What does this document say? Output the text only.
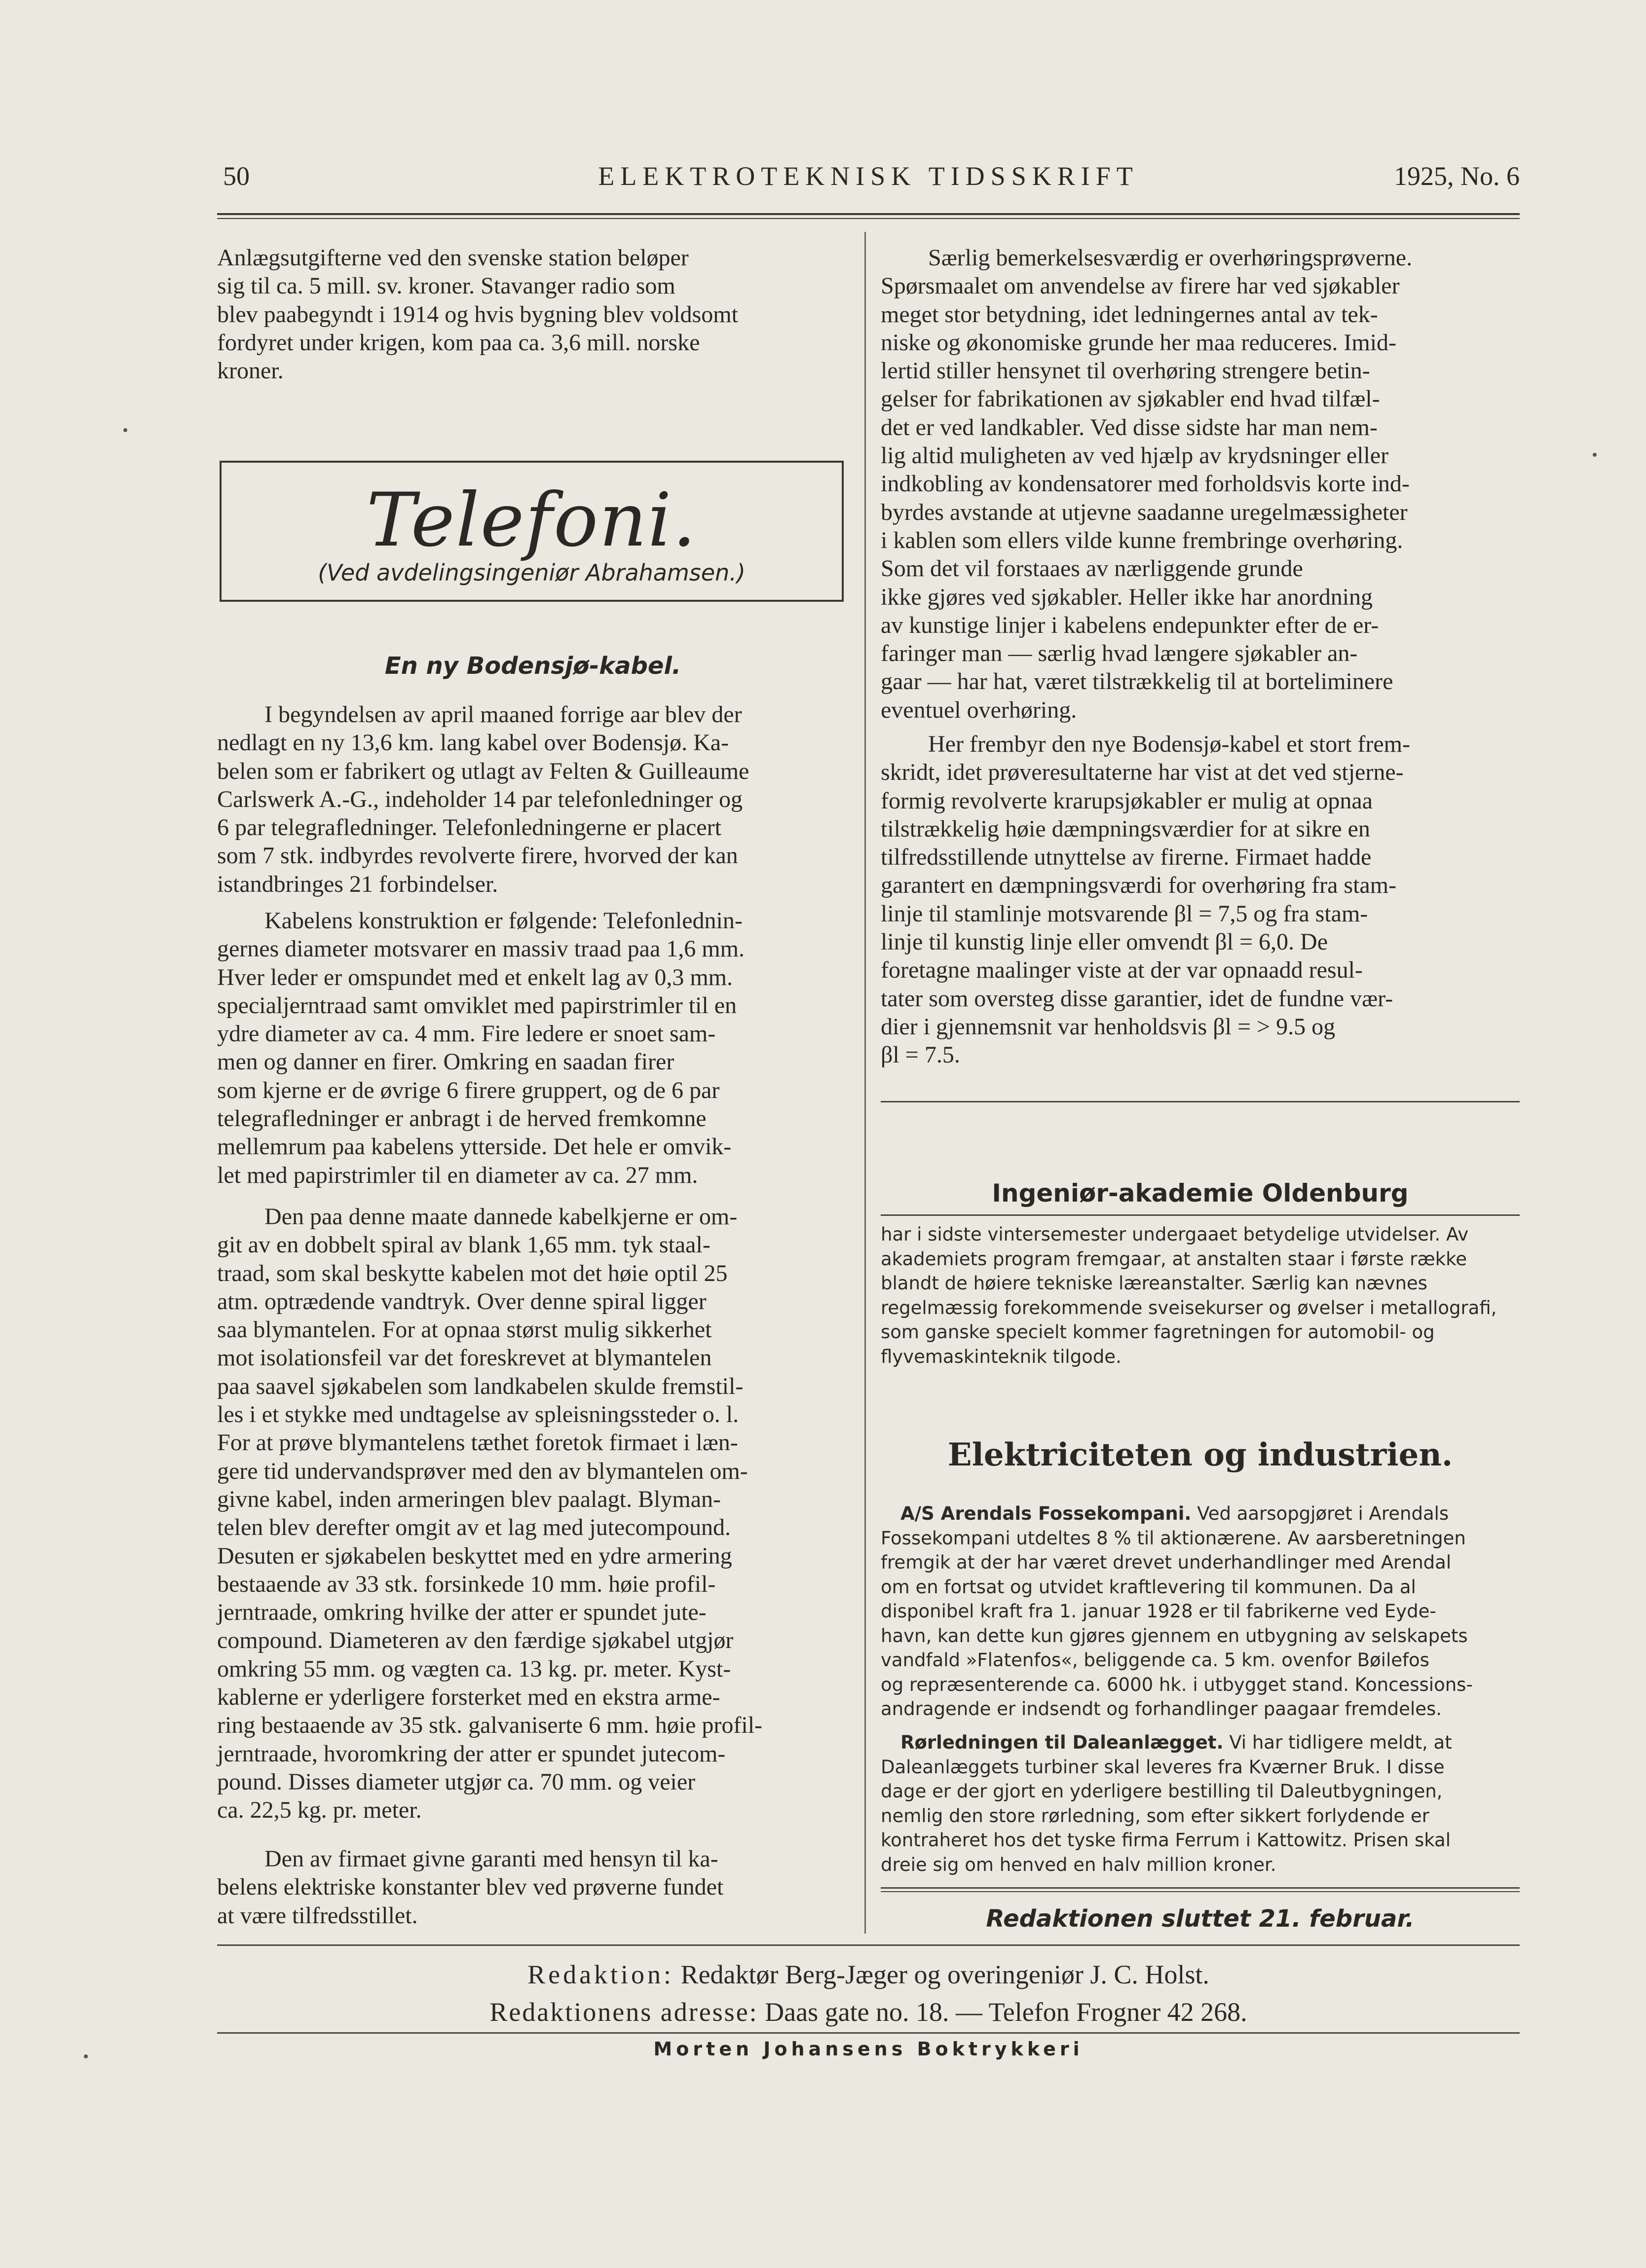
50	ELEKTROTEKNISK TIDSSKRIFT	1925, No. 6

Anlægsutgifterne ved den svenske station beløper
sig til ca. 5 mill. sv. kroner. Stavanger radio som
blev paabegyndt i 1914 og hvis bygning blev voldsomt
fordyret under krigen, kom paa ca. 3,6 mill. norske
kroner.

Telefoni.
(Ved avdelingsingeniør Abrahamsen.)
En ny Bodensjø-kabel.

I begyndelsen av april maaned forrige aar blev der
nedlagt en ny 13,6 km. lang kabel over Bodensjø. Ka-
belen som er fabrikert og utlagt av Felten & Guilleaume
Carlswerk A.-G., indeholder 14 par telefonledninger og
6 par telegrafledninger. Telefonledningerne er placert
som 7 stk. indbyrdes revolverte firere, hvorved der kan
istandbringes 21 forbindelser.

Kabelens konstruktion er følgende: Telefonlednin-
gernes diameter motsvarer en massiv traad paa 1,6 mm.
Hver leder er omspundet med et enkelt lag av 0,3 mm.
specialjerntraad samt omviklet med papirstrimler til en
ydre diameter av ca. 4 mm. Fire ledere er snoet sam-
men og danner en firer. Omkring en saadan firer
som kjerne er de øvrige 6 firere gruppert, og de 6 par
telegrafledninger er anbragt i de herved fremkomne
mellemrum paa kabelens ytterside. Det hele er omvik-
let med papirstrimler til en diameter av ca. 27 mm.

Den paa denne maate dannede kabelkjerne er om-
git av en dobbelt spiral av blank 1,65 mm. tyk staal-
traad, som skal beskytte kabelen mot det høie optil 25
atm. optrædende vandtryk. Over denne spiral ligger
saa blymantelen. For at opnaa størst mulig sikkerhet
mot isolationsfeil var det foreskrevet at blymantelen
paa saavel sjøkabelen som landkabelen skulde fremstil-
les i et stykke med undtagelse av spleisningssteder o. l.
For at prøve blymantelens tæthet foretok firmaet i læn-
gere tid undervandsprøver med den av blymantelen om-
givne kabel, inden armeringen blev paalagt. Blyman-
telen blev derefter omgit av et lag med jutecompound.
Desuten er sjøkabelen beskyttet med en ydre armering
bestaaende av 33 stk. forsinkede 10 mm. høie profil-
jerntraade, omkring hvilke der atter er spundet jute-
compound. Diameteren av den færdige sjøkabel utgjør
omkring 55 mm. og vægten ca. 13 kg. pr. meter. Kyst-
kablerne er yderligere forsterket med en ekstra arme-
ring bestaaende av 35 stk. galvaniserte 6 mm. høie profil-
jerntraade, hvoromkring der atter er spundet jutecom-
pound. Disses diameter utgjør ca. 70 mm. og veier
ca. 22,5 kg. pr. meter.

Den av firmaet givne garanti med hensyn til ka-
belens elektriske konstanter blev ved prøverne fundet
at være tilfredsstillet.

Særlig bemerkelsesværdig er overhøringsprøverne.
Spørsmaalet om anvendelse av firere har ved sjøkabler
meget stor betydning, idet ledningernes antal av tek-
niske og økonomiske grunde her maa reduceres. Imid-
lertid stiller hensynet til overhøring strengere betin-
gelser for fabrikationen av sjøkabler end hvad tilfæl-
det er ved landkabler. Ved disse sidste har man nem-
lig altid muligheten av ved hjælp av krydsninger eller
indkobling av kondensatorer med forholdsvis korte ind-
byrdes avstande at utjevne saadanne uregelmæssigheter
i kablen som ellers vilde kunne frembringe overhøring.
Som det vil forstaaes av nærliggende grunde
ikke gjøres ved sjøkabler. Heller ikke har anordning
av kunstige linjer i kabelens endepunkter efter de er-
faringer man — særlig hvad længere sjøkabler an-
gaar — har hat, været tilstrækkelig til at borteliminere
eventuel overhøring.

Her frembyr den nye Bodensjø-kabel et stort frem-
skridt, idet prøveresultaterne har vist at det ved stjerne-
formig revolverte krarupsjøkabler er mulig at opnaa
tilstrækkelig høie dæmpningsværdier for at sikre en
tilfredsstillende utnyttelse av firerne. Firmaet hadde
garantert en dæmpningsværdi for overhøring fra stam-
linje til stamlinje motsvarende βl = 7,5 og fra stam-
linje til kunstig linje eller omvendt βl = 6,0. De
foretagne maalinger viste at der var opnaadd resul-
tater som oversteg disse garantier, idet de fundne vær-
dier i gjennemsnit var henholdsvis βl = > 9.5 og
βl = 7.5.

Ingeniør-akademie Oldenburg

har i sidste vintersemester undergaaet betydelige utvidelser. Av
akademiets program fremgaar, at anstalten staar i første række
blandt de høiere tekniske læreanstalter. Særlig kan nævnes
regelmæssig forekommende sveisekurser og øvelser i metallografi,
som ganske specielt kommer fagretningen for automobil- og
flyvemaskinteknik tilgode.

Elektriciteten og industrien.
A/S Arendals Fossekompani. Ved aarsopgjøret i Arendals
Fossekompani utdeltes 8 % til aktionærene. Av aarsberetningen
fremgik at der har været drevet underhandlinger med Arendal
om en fortsat og utvidet kraftlevering til kommunen. Da al
disponibel kraft fra 1. januar 1928 er til fabrikerne ved Eyde-
havn, kan dette kun gjøres gjennem en utbygning av selskapets
vandfald »Flatenfos«, beliggende ca. 5 km. ovenfor Bøilefos
og repræsenterende ca. 6000 hk. i utbygget stand. Koncessions-
andragende er indsendt og forhandlinger paagaar fremdeles.
Rørledningen til Daleanlægget. Vi har tidligere meldt, at
Daleanlæggets turbiner skal leveres fra Kværner Bruk. I disse
dage er der gjort en yderligere bestilling til Daleutbygningen,
nemlig den store rørledning, som efter sikkert forlydende er
kontraheret hos det tyske firma Ferrum i Kattowitz. Prisen skal
dreie sig om henved en halv million kroner.
Redaktionen sluttet 21. februar.
Redaktion: Redaktør Berg-Jæger og overingeniør J. C. Holst.
Redaktionens adresse: Daas gate no. 18. — Telefon Frogner 42 268.
Morten Johansens Boktrykkeri
